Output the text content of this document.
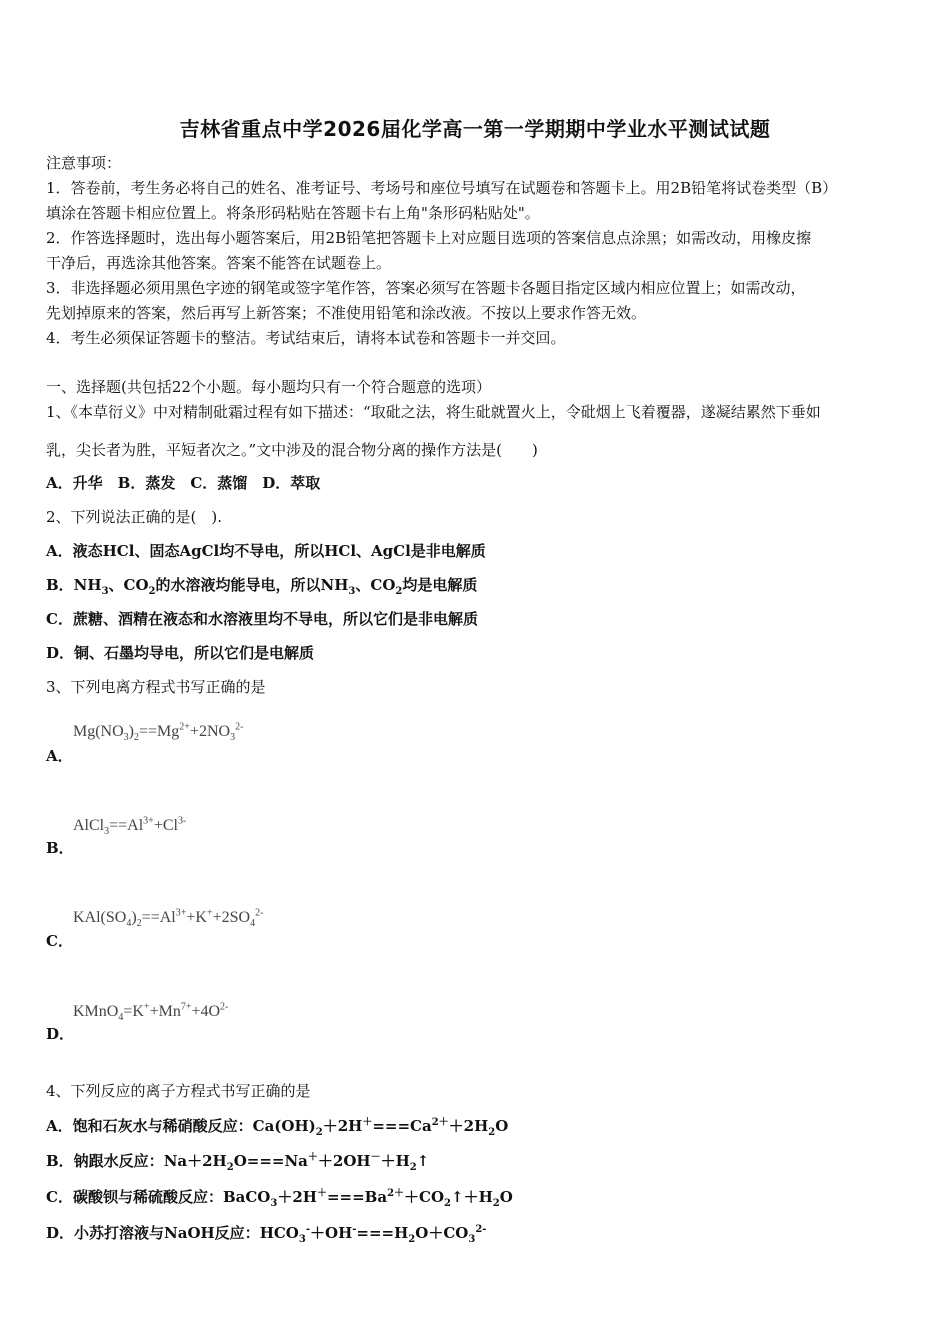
吉林省重点中学2026届化学高一第一学期期中学业水平测试试题
注意事项：
1．答卷前，考生务必将自己的姓名、准考证号、考场号和座位号填写在试题卷和答题卡上。用2B铅笔将试卷类型（B）
填涂在答题卡相应位置上。将条形码粘贴在答题卡右上角"条形码粘贴处"。
2．作答选择题时，选出每小题答案后，用2B铅笔把答题卡上对应题目选项的答案信息点涂黑；如需改动，用橡皮擦
干净后，再选涂其他答案。答案不能答在试题卷上。
3．非选择题必须用黑色字迹的钢笔或签字笔作答，答案必须写在答题卡各题目指定区域内相应位置上；如需改动，
先划掉原来的答案，然后再写上新答案；不准使用铅笔和涂改液。不按以上要求作答无效。
4．考生必须保证答题卡的整洁。考试结束后，请将本试卷和答题卡一并交回。
一、选择题(共包括22个小题。每小题均只有一个符合题意的选项）
1、《本草衍义》中对精制砒霜过程有如下描述：“取砒之法，将生砒就置火上，令砒烟上飞着覆器，遂凝结累然下垂如
乳，尖长者为胜，平短者次之。”文中涉及的混合物分离的操作方法是(　　)
A．升华　B．蒸发　C．蒸馏　D．萃取
2、下列说法正确的是(　).
A．液态HCl、固态AgCl均不导电，所以HCl、AgCl是非电解质
B．$NH_3$、$CO_2$的水溶液均能导电，所以$NH_3$、$CO_2$均是电解质
C．蔗糖、酒精在液态和水溶液里均不导电，所以它们是非电解质
D．铜、石墨均导电，所以它们是电解质
3、下列电离方程式书写正确的是
$Mg(NO_3)_2==Mg^{2+}+2NO_3^{2-}$
A．
$AlCl_3==Al^{3+}+Cl^{3-}$
B．
$KAl(SO_4)_2==Al^{3+}+K^++2SO_4^{2-}$
C．
$KMnO_4=K^++Mn^{7+}+4O^{2-}$
D．
4、下列反应的离子方程式书写正确的是
A．饱和石灰水与稀硝酸反应：$Ca(OH)_2+2H^+===Ca^{2+}+2H_2O$
B．钠跟水反应：$Na+2H_2O===Na^++2OH^-+H_2↑$
C．碳酸钡与稀硫酸反应：$BaCO_3+2H^+===Ba^{2+}+CO_2↑+H_2O$
D．小苏打溶液与NaOH反应：$HCO_3^-+OH^-===H_2O+CO_3^{2-}$
